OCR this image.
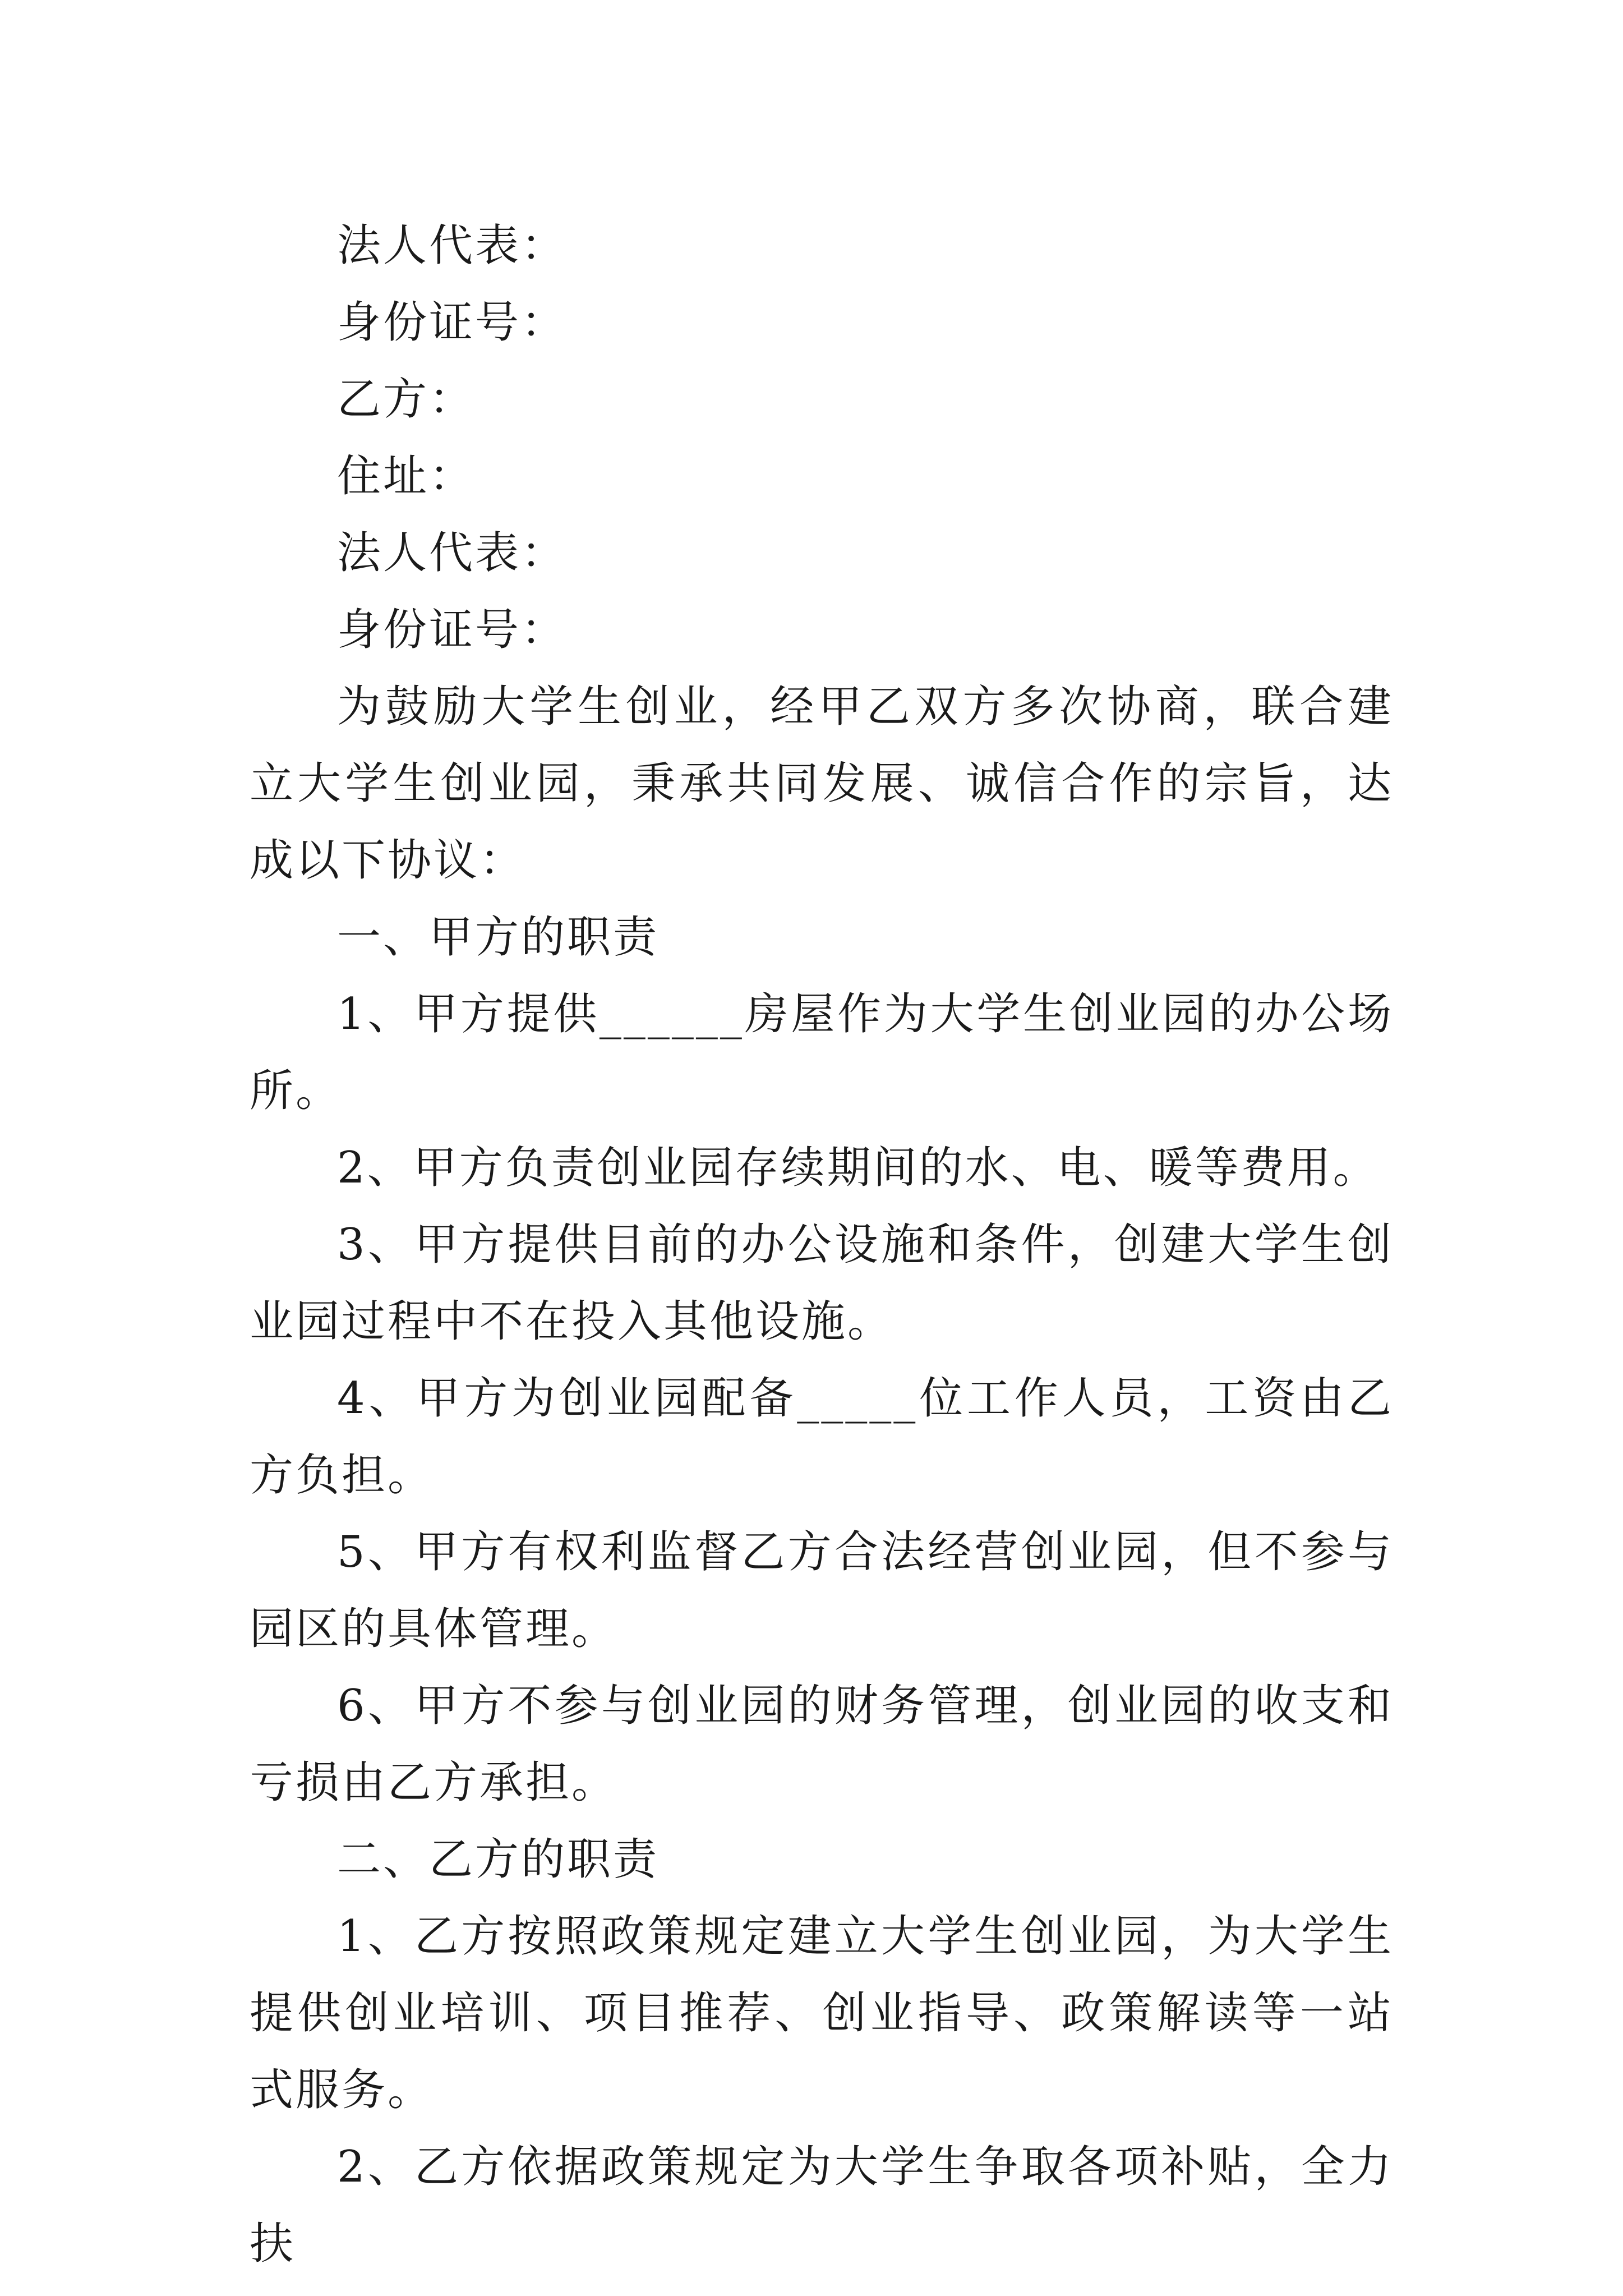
法人代表：

身份证号：

乙方：

住址：

法人代表：

身份证号：

为鼓励大学生创业，经甲乙双方多次协商，联合建立大学生创业园，秉承共同发展、诚信合作的宗旨，达成以下协议：

一、甲方的职责

1、甲方提供______房屋作为大学生创业园的办公场所。

2、甲方负责创业园存续期间的水、电、暖等费用。

3、甲方提供目前的办公设施和条件，创建大学生创业园过程中不在投入其他设施。

4、甲方为创业园配备_____位工作人员，工资由乙方负担。

5、甲方有权利监督乙方合法经营创业园，但不参与园区的具体管理。

6、甲方不参与创业园的财务管理，创业园的收支和亏损由乙方承担。

二、乙方的职责

1、乙方按照政策规定建立大学生创业园，为大学生提供创业培训、项目推荐、创业指导、政策解读等一站式服务。

2、乙方依据政策规定为大学生争取各项补贴，全力扶
